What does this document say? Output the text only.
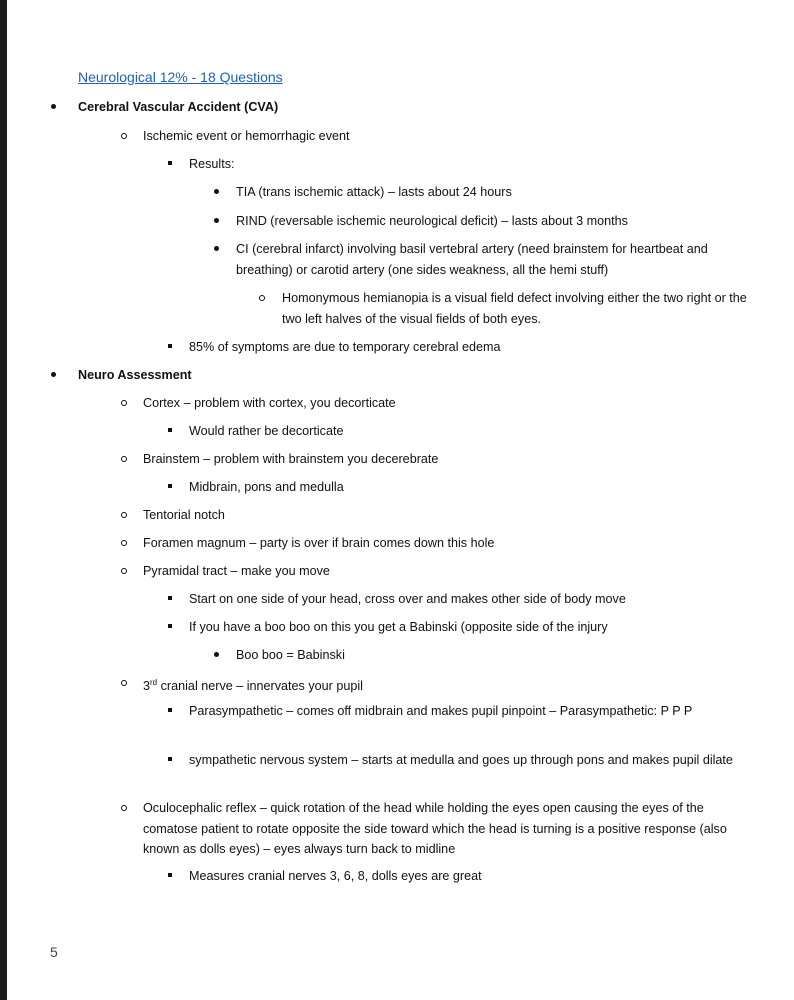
Neurological 12% - 18 Questions
Cerebral Vascular Accident (CVA)
Ischemic event or hemorrhagic event
Results:
TIA (trans ischemic attack) – lasts about 24 hours
RIND (reversable ischemic neurological deficit) – lasts about 3 months
CI (cerebral infarct) involving basil vertebral artery (need brainstem for heartbeat and breathing) or carotid artery (one sides weakness, all the hemi stuff)
Homonymous hemianopia is a visual field defect involving either the two right or the two left halves of the visual fields of both eyes.
85% of symptoms are due to temporary cerebral edema
Neuro Assessment
Cortex – problem with cortex, you decorticate
Would rather be decorticate
Brainstem – problem with brainstem you decerebrate
Midbrain, pons and medulla
Tentorial notch
Foramen magnum – party is over if brain comes down this hole
Pyramidal tract – make you move
Start on one side of your head, cross over and makes other side of body move
If you have a boo boo on this you get a Babinski (opposite side of the injury
Boo boo = Babinski
3rd cranial nerve – innervates your pupil
Parasympathetic – comes off midbrain and makes pupil pinpoint – Parasympathetic: P P P
sympathetic nervous system – starts at medulla and goes up through pons and makes pupil dilate
Oculocephalic reflex – quick rotation of the head while holding the eyes open causing the eyes of the comatose patient to rotate opposite the side toward which the head is turning is a positive response (also known as dolls eyes) – eyes always turn back to midline
Measures cranial nerves 3, 6, 8, dolls eyes are great
5
